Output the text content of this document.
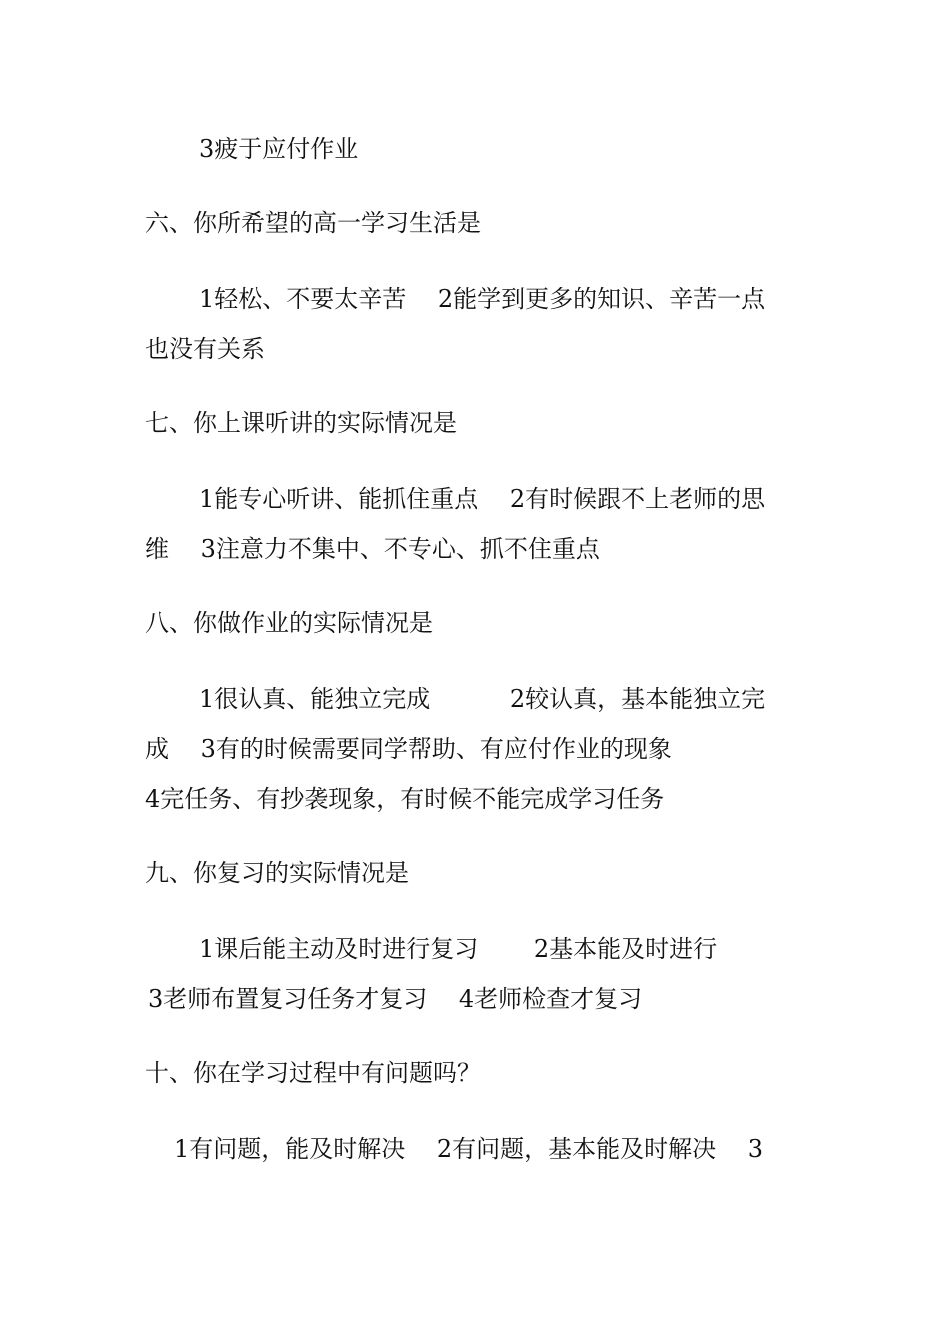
3疲于应付作业
六、你所希望的高一学习生活是
1轻松、不要太辛苦　 2能学到更多的知识、辛苦一点
也没有关系
七、你上课听讲的实际情况是
1能专心听讲、能抓住重点　 2有时候跟不上老师的思
维　 3注意力不集中、不专心、抓不住重点
八、你做作业的实际情况是
1很认真、能独立完成　　　 2较认真，基本能独立完
成　 3有的时候需要同学帮助、有应付作业的现象
4完任务、有抄袭现象，有时候不能完成学习任务
九、你复习的实际情况是
1课后能主动及时进行复习　　 2基本能及时进行
3老师布置复习任务才复习　 4老师检查才复习
十、你在学习过程中有问题吗？
1有问题，能及时解决　 2有问题，基本能及时解决　 3
